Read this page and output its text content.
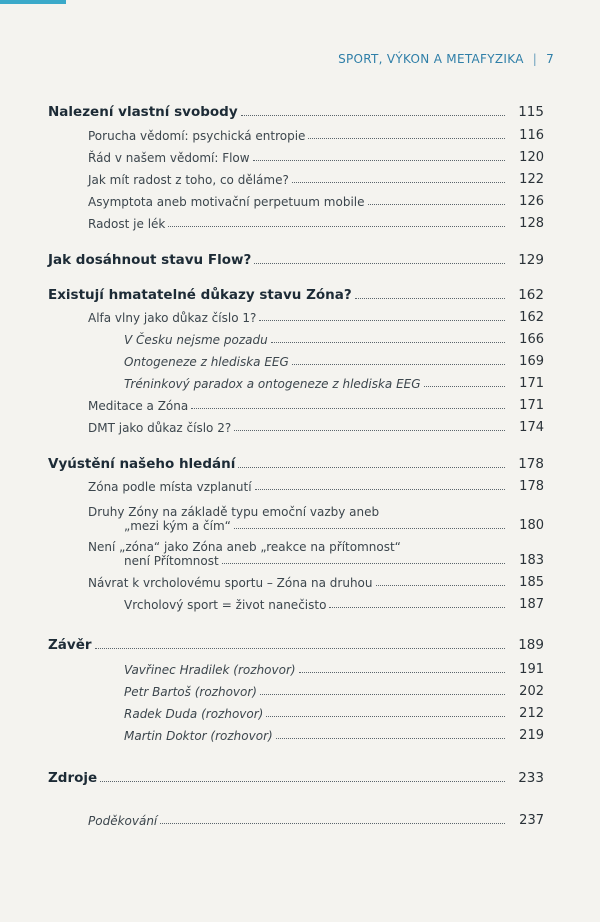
SPORT, VÝKON A METAFYZIKA | 7
Nalezení vlastní svobody	115
Porucha vědomí: psychická entropie	116
Řád v našem vědomí: Flow	120
Jak mít radost z toho, co děláme?	122
Asymptota aneb motivační perpetuum mobile	126
Radost je lék	128
Jak dosáhnout stavu Flow?	129
Existují hmatatelné důkazy stavu Zóna?	162
Alfa vlny jako důkaz číslo 1?	162
V Česku nejsme pozadu	166
Ontogeneze z hlediska EEG	169
Tréninkový paradox a ontogeneze z hlediska EEG	171
Meditace a Zóna	171
DMT jako důkaz číslo 2?	174
Vyústění našeho hledání	178
Zóna podle místa vzplanutí	178
Druhy Zóny na základě typu emoční vazby aneb
„mezi kým a čím“	180
Není „zóna“ jako Zóna aneb „reakce na přítomnost“
není Přítomnost	183
Návrat k vrcholovému sportu – Zóna na druhou	185
Vrcholový sport = život nanečisto	187
Závěr	189
Vavřinec Hradilek (rozhovor)	191
Petr Bartoš (rozhovor)	202
Radek Duda (rozhovor)	212
Martin Doktor (rozhovor)	219
Zdroje	233
Poděkování	237
